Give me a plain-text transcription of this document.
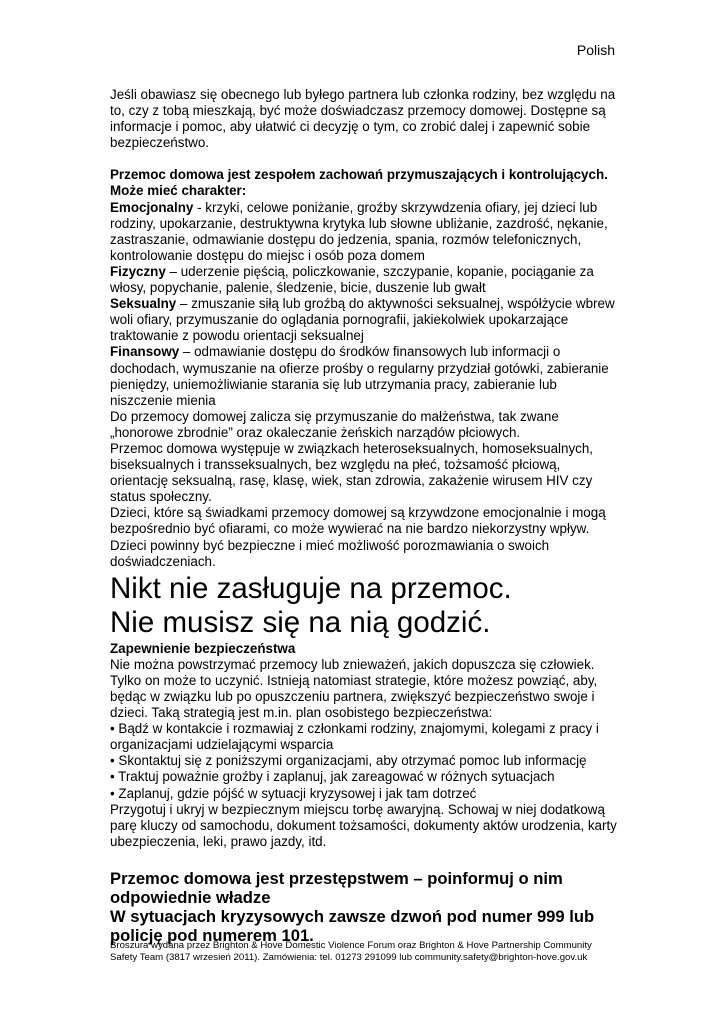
Polish

Jeśli obawiasz się obecnego lub byłego partnera lub członka rodziny, bez względu na to, czy z tobą mieszkają, być może doświadczasz przemocy domowej. Dostępne są informacje i pomoc, aby ułatwić ci decyzję o tym, co zrobić dalej i zapewnić sobie bezpieczeństwo.

Przemoc domowa jest zespołem zachowań przymuszających i kontrolujących. Może mieć charakter:

Emocjonalny - krzyki, celowe poniżanie, groźby skrzywdzenia ofiary, jej dzieci lub rodziny, upokarzanie, destruktywna krytyka lub słowne ubliżanie, zazdrość, nękanie, zastraszanie, odmawianie dostępu do jedzenia, spania, rozmów telefonicznych, kontrolowanie dostępu do miejsc i osób poza domem

Fizyczny – uderzenie pięścią, policzkowanie, szczypanie, kopanie, pociąganie za włosy, popychanie, palenie, śledzenie, bicie, duszenie lub gwałt

Seksualny – zmuszanie siłą lub groźbą do aktywności seksualnej, współżycie wbrew woli ofiary, przymuszanie do oglądania pornografii, jakiekolwiek upokarzające traktowanie z powodu orientacji seksualnej

Finansowy – odmawianie dostępu do środków finansowych lub informacji o dochodach, wymuszanie na ofierze prośby o regularny przydział gotówki, zabieranie pieniędzy, uniemożliwianie starania się lub utrzymania pracy, zabieranie lub niszczenie mienia

Do przemocy domowej zalicza się przymuszanie do małżeństwa, tak zwane „honorowe zbrodnie” oraz okaleczanie żeńskich narządów płciowych.

Przemoc domowa występuje w związkach heteroseksualnych, homoseksualnych, biseksualnych i transseksualnych, bez względu na płeć, tożsamość płciową, orientację seksualną, rasę, klasę, wiek, stan zdrowia, zakażenie wirusem HIV czy status społeczny.

Dzieci, które są świadkami przemocy domowej są krzywdzone emocjonalnie i mogą bezpośrednio być ofiarami, co może wywierać na nie bardzo niekorzystny wpływ.

Dzieci powinny być bezpieczne i mieć możliwość porozmawiania o swoich doświadczeniach.

Nikt nie zasługuje na przemoc.

Nie musisz się na nią godzić.

Zapewnienie bezpieczeństwa

Nie można powstrzymać przemocy lub znieważeń, jakich dopuszcza się człowiek. Tylko on może to uczynić. Istnieją natomiast strategie, które możesz powziąć, aby, będąc w związku lub po opuszczeniu partnera, zwiększyć bezpieczeństwo swoje i dzieci. Taką strategią jest m.in. plan osobistego bezpieczeństwa:

• Bądź w kontakcie i rozmawiaj z członkami rodziny, znajomymi, kolegami z pracy i organizacjami udzielającymi wsparcia

• Skontaktuj się z poniższymi organizacjami, aby otrzymać pomoc lub informację

• Traktuj poważnie groźby i zaplanuj, jak zareagować w różnych sytuacjach

• Zaplanuj, gdzie pójść w sytuacji kryzysowej i jak tam dotrzeć

Przygotuj i ukryj w bezpiecznym miejscu torbę awaryjną. Schowaj w niej dodatkową parę kluczy od samochodu, dokument tożsamości, dokumenty aktów urodzenia, karty ubezpieczenia, leki, prawo jazdy, itd.

Przemoc domowa jest przestępstwem – poinformuj o nim odpowiednie władze

W sytuacjach kryzysowych zawsze dzwoń pod numer 999 lub policję pod numerem 101.

Broszura wydana przez Brighton & Hove Domestic Violence Forum oraz Brighton & Hove Partnership Community Safety Team (3817 wrzesień 2011). Zamówienia: tel. 01273 291099 lub community.safety@brighton-hove.gov.uk
